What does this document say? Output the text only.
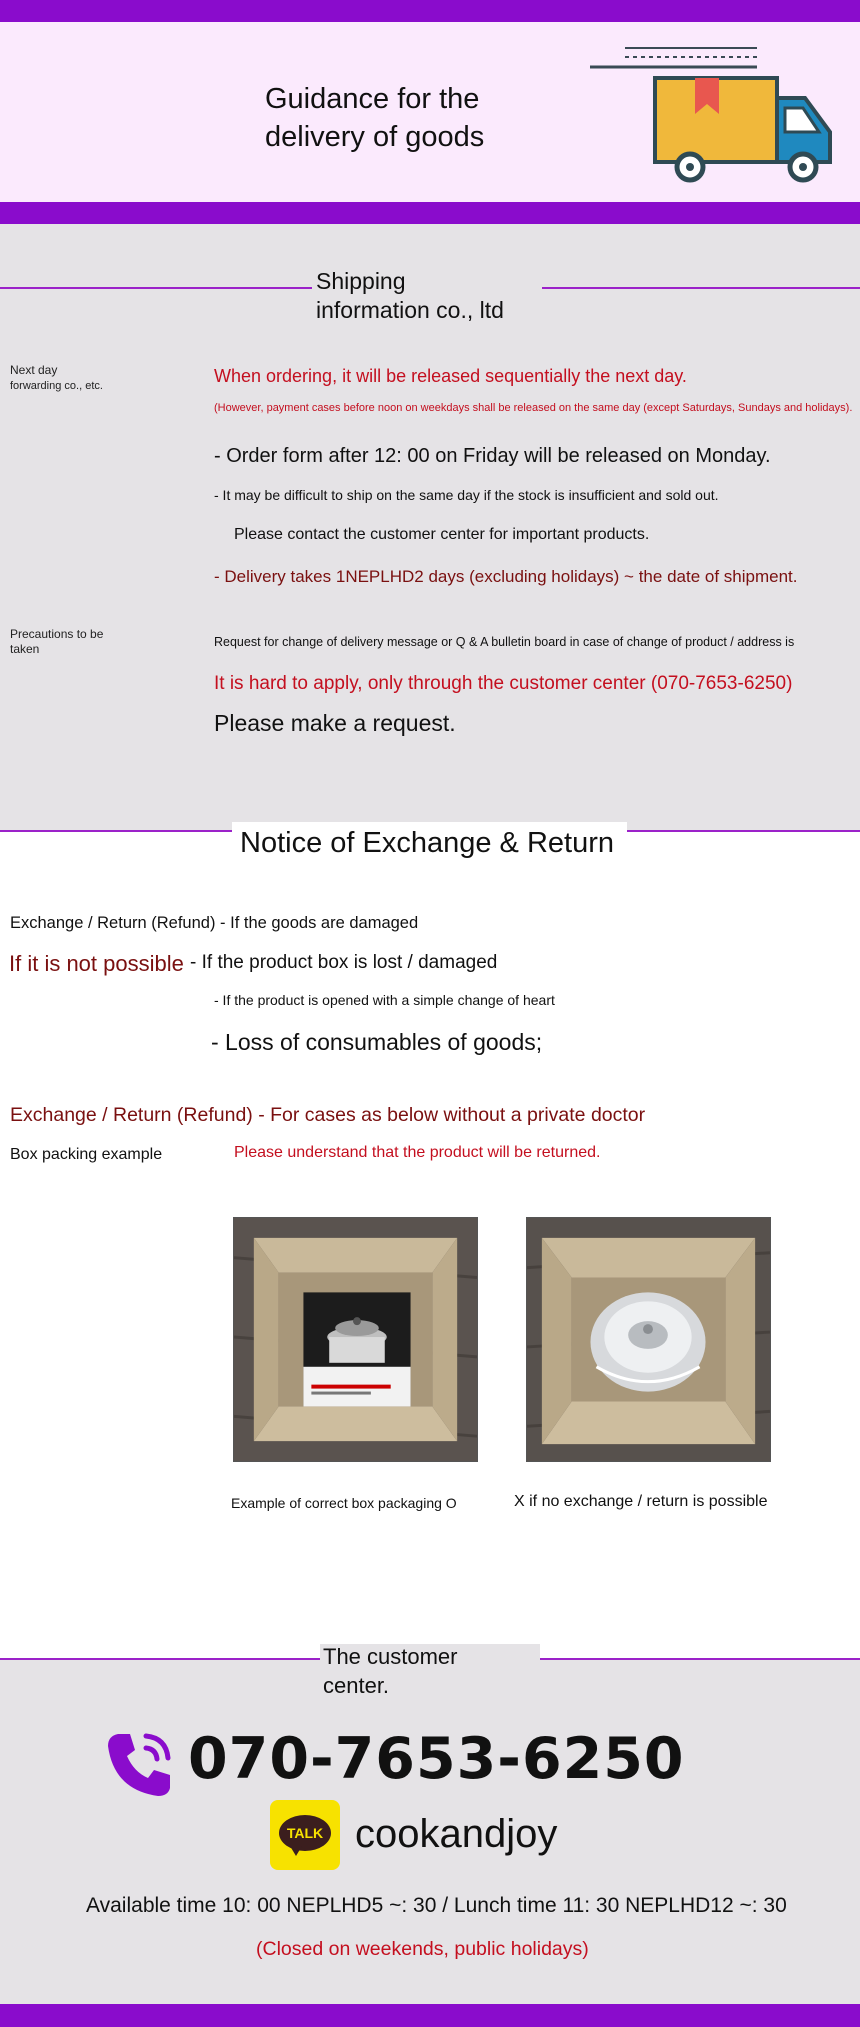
Guidance for the
delivery of goods
Shipping
information co., ltd
Next day
forwarding co., etc.	When ordering, it will be released sequentially the next day.
(However, payment cases before noon on weekdays shall be released on the same day (except Saturdays, Sundays and holidays).
- Order form after 12: 00 on Friday will be released on Monday.
- It may be difficult to ship on the same day if the stock is insufficient and sold out.
Please contact the customer center for important products.
- Delivery takes 1NEPLHD2 days (excluding holidays) ~ the date of shipment.
Precautions to be
taken	Request for change of delivery message or Q & A bulletin board in case of change of product / address is
It is hard to apply, only through the customer center (070-7653-6250)
Please make a request.
Notice of Exchange & Return
Exchange / Return (Refund) - If the goods are damaged
If it is not possible - If the product box is lost / damaged
- If the product is opened with a simple change of heart
- Loss of consumables of goods;
Exchange / Return (Refund) - For cases as below without a private doctor
Box packing example	Please understand that the product will be returned.
Example of correct box packaging O	X if no exchange / return is possible
The customer
center.
070-7653-6250
TALK cookandjoy
Available time 10: 00 NEPLHD5 ~: 30 / Lunch time 11: 30 NEPLHD12 ~: 30
(Closed on weekends, public holidays)
